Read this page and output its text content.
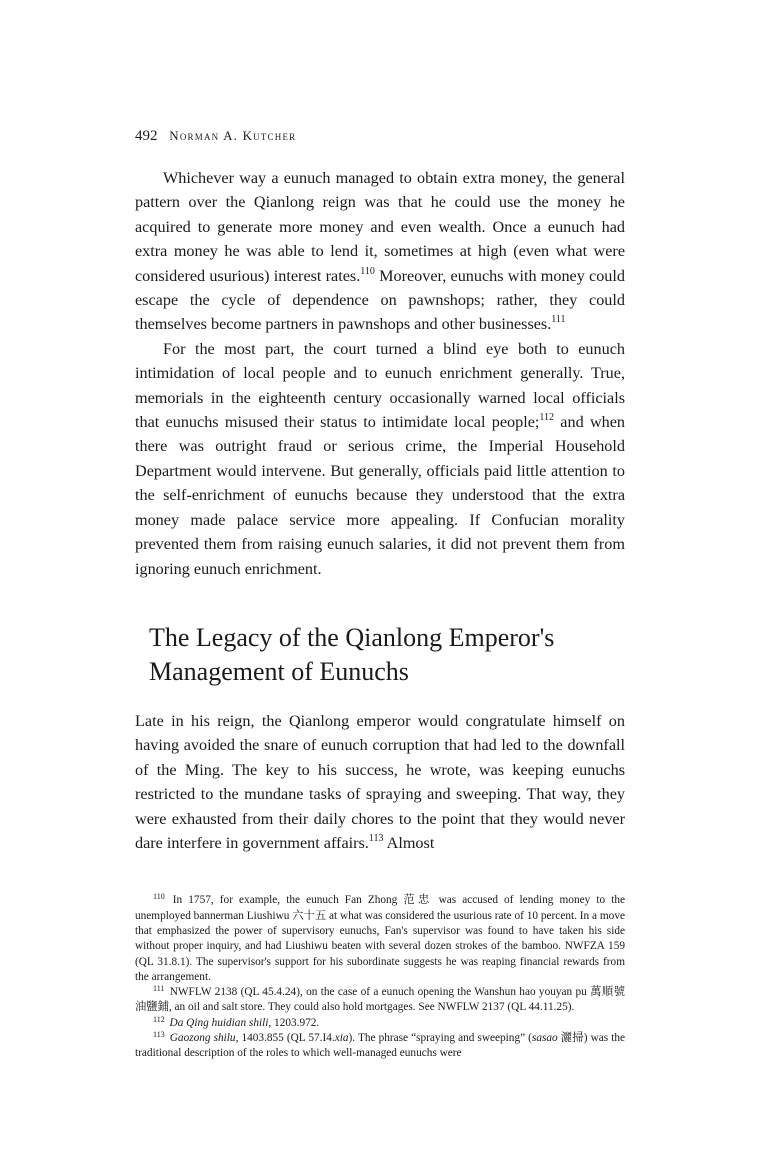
492 Norman A. Kutcher

Whichever way a eunuch managed to obtain extra money, the general pattern over the Qianlong reign was that he could use the money he acquired to generate more money and even wealth. Once a eunuch had extra money he was able to lend it, sometimes at high (even what were considered usurious) interest rates.$^{110}$ Moreover, eunuchs with money could escape the cycle of dependence on pawnshops; rather, they could themselves become partners in pawnshops and other businesses.$^{111}$

For the most part, the court turned a blind eye both to eunuch intimidation of local people and to eunuch enrichment generally. True, memorials in the eighteenth century occasionally warned local officials that eunuchs misused their status to intimidate local people;$^{112}$ and when there was outright fraud or serious crime, the Imperial Household Department would intervene. But generally, officials paid little attention to the self-enrichment of eunuchs because they understood that the extra money made palace service more appealing. If Confucian morality prevented them from raising eunuch salaries, it did not prevent them from ignoring eunuch enrichment.

The Legacy of the Qianlong Emperor's Management of Eunuchs

Late in his reign, the Qianlong emperor would congratulate himself on having avoided the snare of eunuch corruption that had led to the downfall of the Ming. The key to his success, he wrote, was keeping eunuchs restricted to the mundane tasks of spraying and sweeping. That way, they were exhausted from their daily chores to the point that they would never dare interfere in government affairs.$^{113}$ Almost

$^{110}$ In 1757, for example, the eunuch Fan Zhong 范忠 was accused of lending money to the unemployed bannerman Liushiwu 六十五 at what was considered the usurious rate of 10 percent. In a move that emphasized the power of supervisory eunuchs, Fan's supervisor was found to have taken his side without proper inquiry, and had Liushiwu beaten with several dozen strokes of the bamboo. NWFZA 159 (QL 31.8.1). The supervisor's support for his subordinate suggests he was reaping financial rewards from the arrangement.

$^{111}$ NWFLW 2138 (QL 45.4.24), on the case of a eunuch opening the Wanshun hao youyan pu 萬順號油鹽鋪, an oil and salt store. They could also hold mortgages. See NWFLW 2137 (QL 44.11.25).

$^{112}$ Da Qing huidian shili, 1203.972.

$^{113}$ Gaozong shilu, 1403.855 (QL 57.I4.xia). The phrase “spraying and sweeping” (sasao 灑掃) was the traditional description of the roles to which well-managed eunuchs were
